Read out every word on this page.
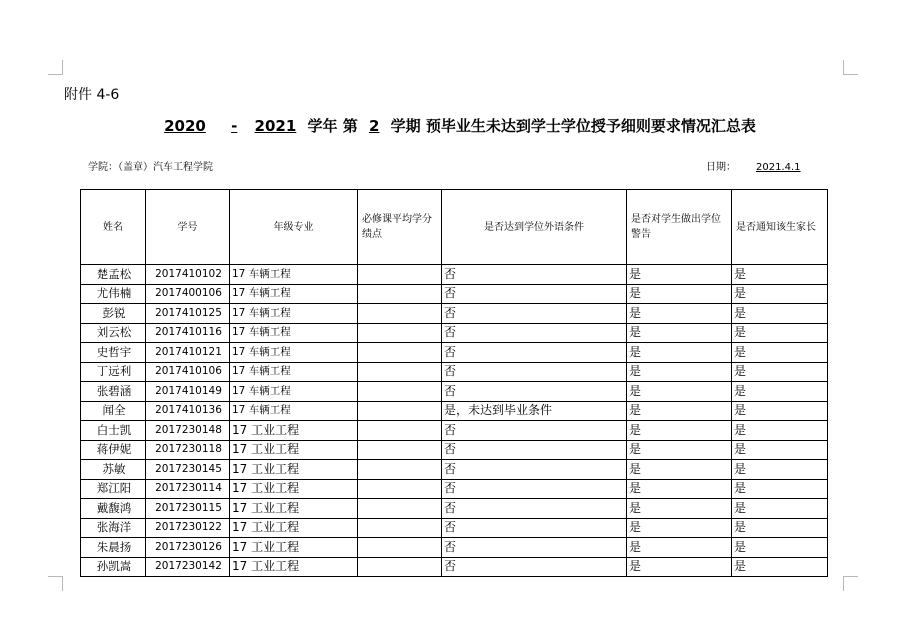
附件 4-6
2020 - 2021 学年 第 2 学期 预毕业生未达到学士学位授予细则要求情况汇总表
学院：（盖章）汽车工程学院	日期： 2021.4.1
姓名	学号	年级专业	必修课平均学分绩点	是否达到学位外语条件	是否对学生做出学位警告	是否通知该生家长
楚孟松	2017410102	17 车辆工程		否	是	是
尤伟楠	2017400106	17 车辆工程		否	是	是
彭锐	2017410125	17 车辆工程		否	是	是
刘云松	2017410116	17 车辆工程		否	是	是
史哲宇	2017410121	17 车辆工程		否	是	是
丁远利	2017410106	17 车辆工程		否	是	是
张碧涵	2017410149	17 车辆工程		否	是	是
闻全	2017410136	17 车辆工程		是，未达到毕业条件	是	是
白士凯	2017230148	17 工业工程		否	是	是
蒋伊妮	2017230118	17 工业工程		否	是	是
苏敏	2017230145	17 工业工程		否	是	是
郑江阳	2017230114	17 工业工程		否	是	是
戴馥鸿	2017230115	17 工业工程		否	是	是
张海洋	2017230122	17 工业工程		否	是	是
朱晨扬	2017230126	17 工业工程		否	是	是
孙凯嵩	2017230142	17 工业工程		否	是	是
